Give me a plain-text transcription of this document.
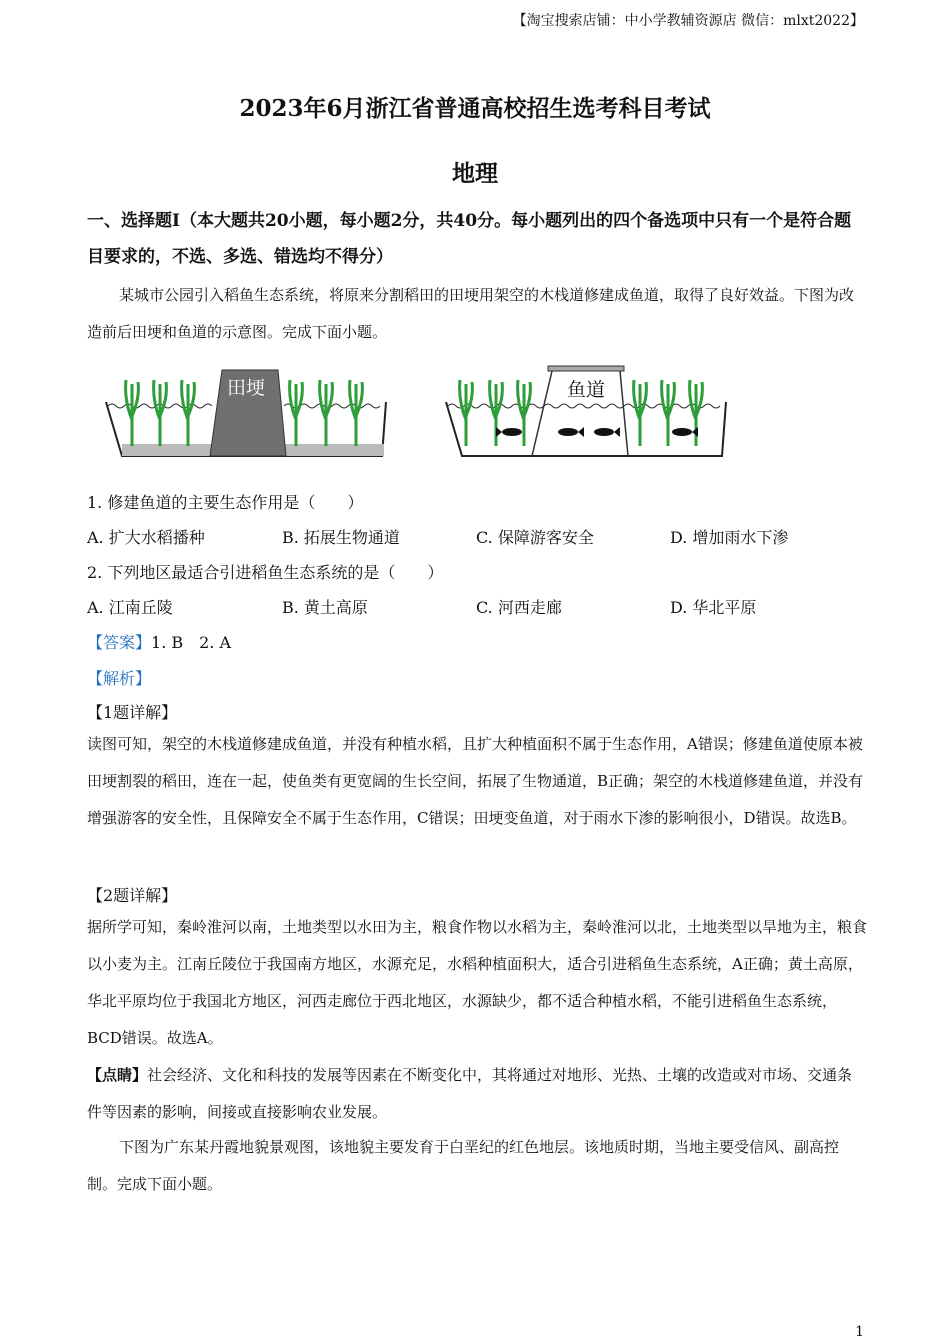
【淘宝搜索店铺：中小学教辅资源店 微信：mlxt2022】
2023年6月浙江省普通高校招生选考科目考试
地理
一、选择题Ⅰ（本大题共20小题，每小题2分，共40分。每小题列出的四个备选项中只有一个是符合题目要求的，不选、多选、错选均不得分）
某城市公园引入稻鱼生态系统，将原来分割稻田的田埂用架空的木栈道修建成鱼道，取得了良好效益。下图为改造前后田埂和鱼道的示意图。完成下面小题。
田埂	鱼道
1. 修建鱼道的主要生态作用是（　　）
A. 扩大水稻播种	B. 拓展生物通道	C. 保障游客安全	D. 增加雨水下渗
2. 下列地区最适合引进稻鱼生态系统的是（　　）
A. 江南丘陵	B. 黄土高原	C. 河西走廊	D. 华北平原
【答案】1. B　2. A
【解析】
【1题详解】
读图可知，架空的木栈道修建成鱼道，并没有种植水稻，且扩大种植面积不属于生态作用，A错误；修建鱼道使原本被田埂割裂的稻田，连在一起，使鱼类有更宽阔的生长空间，拓展了生物通道，B正确；架空的木栈道修建鱼道，并没有增强游客的安全性，且保障安全不属于生态作用，C错误；田埂变鱼道，对于雨水下渗的影响很小，D错误。故选B。
【2题详解】
据所学可知，秦岭淮河以南，土地类型以水田为主，粮食作物以水稻为主，秦岭淮河以北，土地类型以旱地为主，粮食以小麦为主。江南丘陵位于我国南方地区，水源充足，水稻种植面积大，适合引进稻鱼生态系统，A正确；黄土高原，华北平原均位于我国北方地区，河西走廊位于西北地区，水源缺少，都不适合种植水稻，不能引进稻鱼生态系统，BCD错误。故选A。
【点睛】社会经济、文化和科技的发展等因素在不断变化中，其将通过对地形、光热、土壤的改造或对市场、交通条件等因素的影响，间接或直接影响农业发展。
下图为广东某丹霞地貌景观图，该地貌主要发育于白垩纪的红色地层。该地质时期，当地主要受信风、副高控制。完成下面小题。
1
